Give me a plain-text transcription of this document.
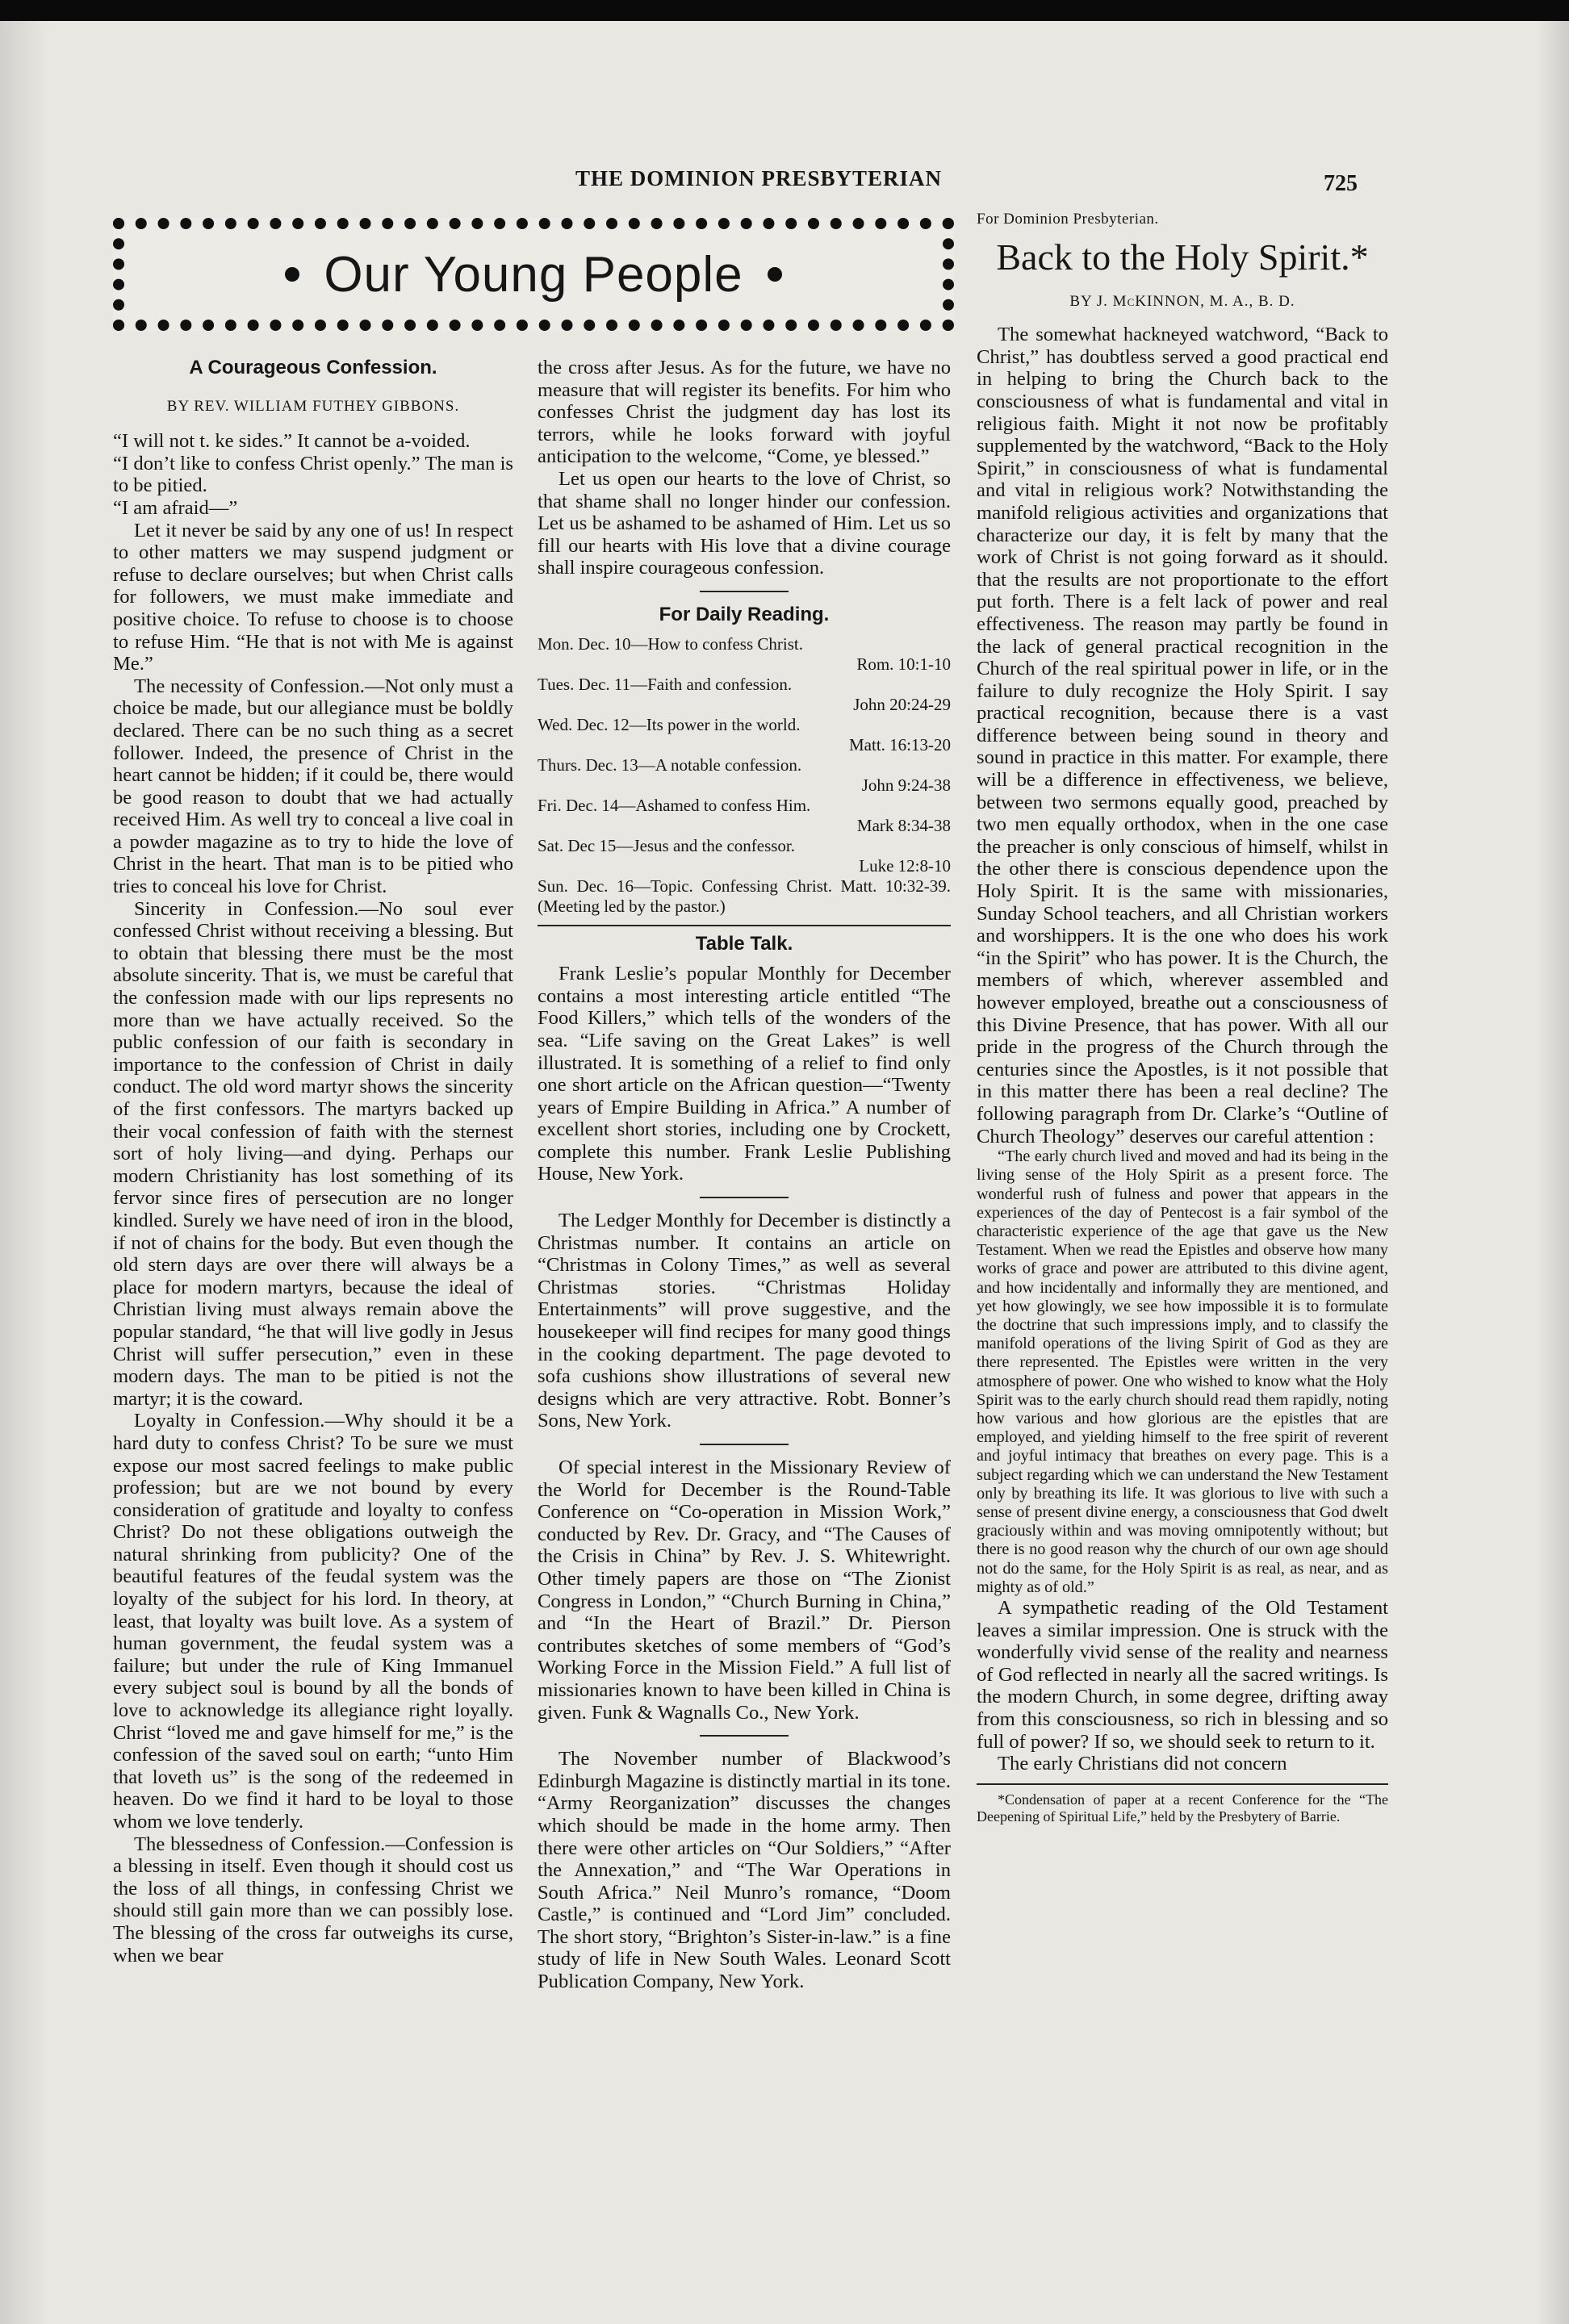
THE DOMINION PRESBYTERIAN	725
Our Young People
A Courageous Confession.
BY REV. WILLIAM FUTHEY GIBBONS.

“I will not t. ke sides.” It cannot be a-voided.

“I don’t like to confess Christ openly.” The man is to be pitied.

“I am afraid—”

Let it never be said by any one of us! In respect to other matters we may suspend judgment or refuse to declare ourselves; but when Christ calls for followers, we must make immediate and positive choice. To refuse to choose is to choose to refuse Him. “He that is not with Me is against Me.”

The necessity of Confession.—Not only must a choice be made, but our allegiance must be boldly declared. There can be no such thing as a secret follower. Indeed, the presence of Christ in the heart cannot be hidden; if it could be, there would be good reason to doubt that we had actually received Him. As well try to conceal a live coal in a powder magazine as to try to hide the love of Christ in the heart. That man is to be pitied who tries to conceal his love for Christ.

Sincerity in Confession.—No soul ever confessed Christ without receiving a blessing. But to obtain that blessing there must be the most absolute sincerity. That is, we must be careful that the confession made with our lips represents no more than we have actually received. So the public confession of our faith is secondary in importance to the confession of Christ in daily conduct. The old word martyr shows the sincerity of the first confessors. The martyrs backed up their vocal confession of faith with the sternest sort of holy living—and dying. Perhaps our modern Christianity has lost something of its fervor since fires of persecution are no longer kindled. Surely we have need of iron in the blood, if not of chains for the body. But even though the old stern days are over there will always be a place for modern martyrs, because the ideal of Christian living must always remain above the popular standard, “he that will live godly in Jesus Christ will suffer persecution,” even in these modern days. The man to be pitied is not the martyr; it is the coward.

Loyalty in Confession.—Why should it be a hard duty to confess Christ? To be sure we must expose our most sacred feelings to make public profession; but are we not bound by every consideration of gratitude and loyalty to confess Christ? Do not these obligations outweigh the natural shrinking from publicity? One of the beautiful features of the feudal system was the loyalty of the subject for his lord. In theory, at least, that loyalty was built love. As a system of human government, the feudal system was a failure; but under the rule of King Immanuel every subject soul is bound by all the bonds of love to acknowledge its allegiance right loyally. Christ “loved me and gave himself for me,” is the confession of the saved soul on earth; “unto Him that loveth us” is the song of the redeemed in heaven. Do we find it hard to be loyal to those whom we love tenderly.

The blessedness of Confession.—Confession is a blessing in itself. Even though it should cost us the loss of all things, in confessing Christ we should still gain more than we can possibly lose. The blessing of the cross far outweighs its curse, when we bear

the cross after Jesus. As for the future, we have no measure that will register its benefits. For him who confesses Christ the judgment day has lost its terrors, while he looks forward with joyful anticipation to the welcome, “Come, ye blessed.”

Let us open our hearts to the love of Christ, so that shame shall no longer hinder our confession. Let us be ashamed to be ashamed of Him. Let us so fill our hearts with His love that a divine courage shall inspire courageous confession.

For Daily Reading.
Mon. Dec. 10—How to confess Christ.
Rom. 10:1-10
Tues. Dec. 11—Faith and confession.
John 20:24-29
Wed. Dec. 12—Its power in the world.
Matt. 16:13-20
Thurs. Dec. 13—A notable confession.
John 9:24-38
Fri. Dec. 14—Ashamed to confess Him.
Mark 8:34-38
Sat. Dec 15—Jesus and the confessor.
Luke 12:8-10
Sun. Dec. 16—Topic. Confessing Christ. Matt. 10:32-39. (Meeting led by the pastor.)
Table Talk.

Frank Leslie’s popular Monthly for December contains a most interesting article entitled “The Food Killers,” which tells of the wonders of the sea. “Life saving on the Great Lakes” is well illustrated. It is something of a relief to find only one short article on the African question—“Twenty years of Empire Building in Africa.” A number of excellent short stories, including one by Crockett, complete this number. Frank Leslie Publishing House, New York.

The Ledger Monthly for December is distinctly a Christmas number. It contains an article on “Christmas in Colony Times,” as well as several Christmas stories. “Christmas Holiday Entertainments” will prove suggestive, and the housekeeper will find recipes for many good things in the cooking department. The page devoted to sofa cushions show illustrations of several new designs which are very attractive. Robt. Bonner’s Sons, New York.

Of special interest in the Missionary Review of the World for December is the Round-Table Conference on “Co-operation in Mission Work,” conducted by Rev. Dr. Gracy, and “The Causes of the Crisis in China” by Rev. J. S. Whitewright. Other timely papers are those on “The Zionist Congress in London,” “Church Burning in China,” and “In the Heart of Brazil.” Dr. Pierson contributes sketches of some members of “God’s Working Force in the Mission Field.” A full list of missionaries known to have been killed in China is given. Funk & Wagnalls Co., New York.

The November number of Blackwood’s Edinburgh Magazine is distinctly martial in its tone. “Army Reorganization” discusses the changes which should be made in the home army. Then there were other articles on “Our Soldiers,” “After the Annexation,” and “The War Operations in South Africa.” Neil Munro’s romance, “Doom Castle,” is continued and “Lord Jim” concluded. The short story, “Brighton’s Sister-in-law.” is a fine study of life in New South Wales. Leonard Scott Publication Company, New York.

For Dominion Presbyterian.
Back to the Holy Spirit.*
BY J. McKINNON, M. A., B. D.

The somewhat hackneyed watchword, “Back to Christ,” has doubtless served a good practical end in helping to bring the Church back to the consciousness of what is fundamental and vital in religious faith. Might it not now be profitably supplemented by the watchword, “Back to the Holy Spirit,” in consciousness of what is fundamental and vital in religious work? Notwithstanding the manifold religious activities and organizations that characterize our day, it is felt by many that the work of Christ is not going forward as it should. that the results are not proportionate to the effort put forth. There is a felt lack of power and real effectiveness. The reason may partly be found in the lack of general practical recognition in the Church of the real spiritual power in life, or in the failure to duly recognize the Holy Spirit. I say practical recognition, because there is a vast difference between being sound in theory and sound in practice in this matter. For example, there will be a difference in effectiveness, we believe, between two sermons equally good, preached by two men equally orthodox, when in the one case the preacher is only conscious of himself, whilst in the other there is conscious dependence upon the Holy Spirit. It is the same with missionaries, Sunday School teachers, and all Christian workers and worshippers. It is the one who does his work “in the Spirit” who has power. It is the Church, the members of which, wherever assembled and however employed, breathe out a consciousness of this Divine Presence, that has power. With all our pride in the progress of the Church through the centuries since the Apostles, is it not possible that in this matter there has been a real decline? The following paragraph from Dr. Clarke’s “Outline of Church Theology” deserves our careful attention :

“The early church lived and moved and had its being in the living sense of the Holy Spirit as a present force. The wonderful rush of fulness and power that appears in the experiences of the day of Pentecost is a fair symbol of the characteristic experience of the age that gave us the New Testament. When we read the Epistles and observe how many works of grace and power are attributed to this divine agent, and how incidentally and informally they are mentioned, and yet how glowingly, we see how impossible it is to formulate the doctrine that such impressions imply, and to classify the manifold operations of the living Spirit of God as they are there represented. The Epistles were written in the very atmosphere of power. One who wished to know what the Holy Spirit was to the early church should read them rapidly, noting how various and how glorious are the epistles that are employed, and yielding himself to the free spirit of reverent and joyful intimacy that breathes on every page. This is a subject regarding which we can understand the New Testament only by breathing its life. It was glorious to live with such a sense of present divine energy, a consciousness that God dwelt graciously within and was moving omnipotently without; but there is no good reason why the church of our own age should not do the same, for the Holy Spirit is as real, as near, and as mighty as of old.”

A sympathetic reading of the Old Testament leaves a similar impression. One is struck with the wonderfully vivid sense of the reality and nearness of God reflected in nearly all the sacred writings. Is the modern Church, in some degree, drifting away from this consciousness, so rich in blessing and so full of power? If so, we should seek to return to it.

The early Christians did not concern

*Condensation of paper at a recent Conference for the “The Deepening of Spiritual Life,” held by the Presbytery of Barrie.
